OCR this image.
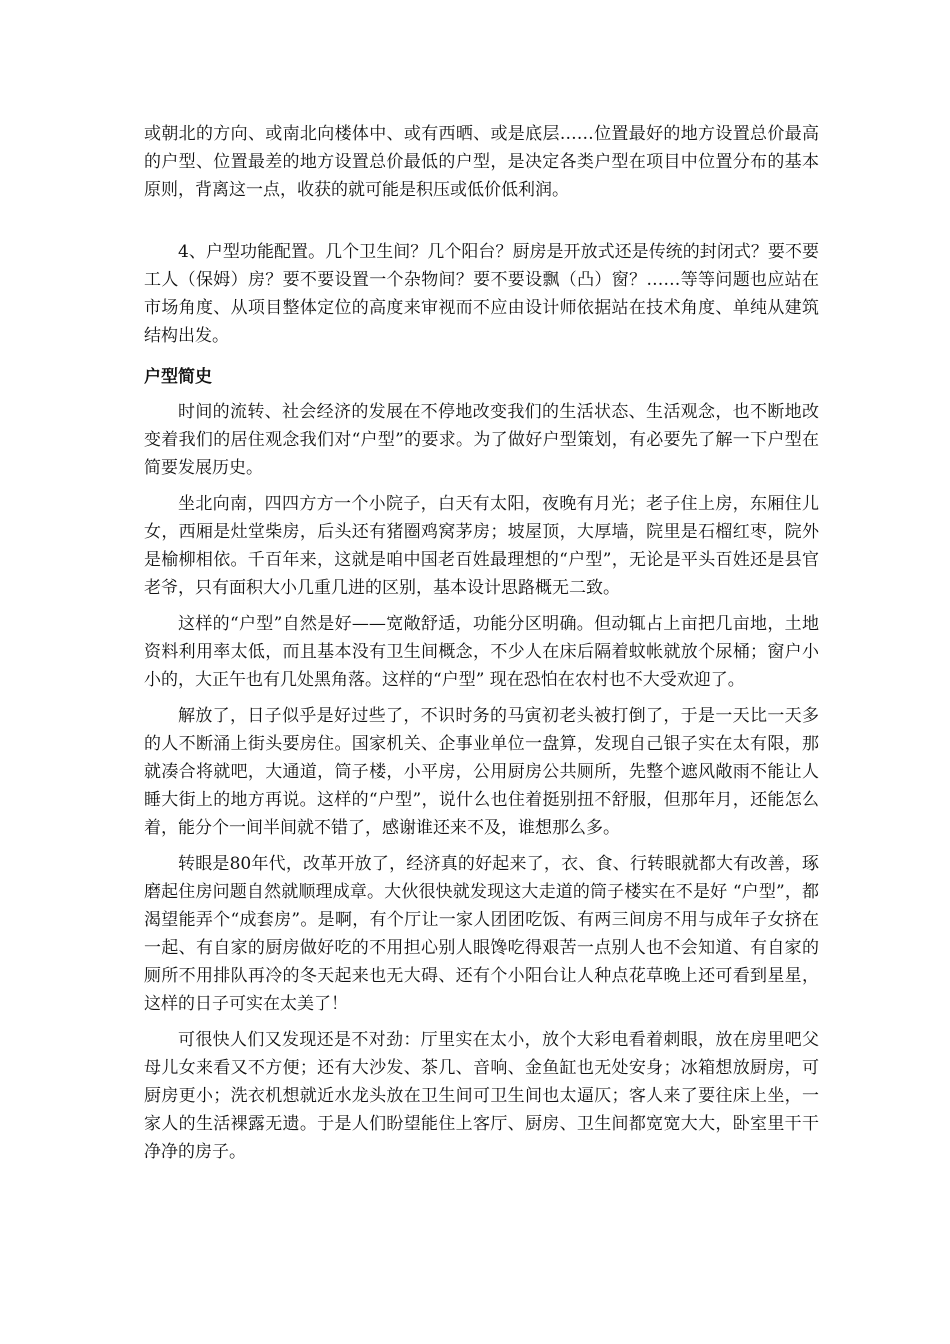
或朝北的方向、或南北向楼体中、或有西晒、或是底层……位置最好的地方设置总价最高的户型、位置最差的地方设置总价最低的户型，是决定各类户型在项目中位置分布的基本原则，背离这一点，收获的就可能是积压或低价低利润。

4、户型功能配置。几个卫生间？几个阳台？厨房是开放式还是传统的封闭式？要不要工人（保姆）房？要不要设置一个杂物间？要不要设飘（凸）窗？……等等问题也应站在市场角度、从项目整体定位的高度来审视而不应由设计师依据站在技术角度、单纯从建筑结构出发。

户型简史

时间的流转、社会经济的发展在不停地改变我们的生活状态、生活观念，也不断地改变着我们的居住观念我们对“户型”的要求。为了做好户型策划，有必要先了解一下户型在简要发展历史。

坐北向南，四四方方一个小院子，白天有太阳，夜晚有月光；老子住上房，东厢住儿女，西厢是灶堂柴房，后头还有猪圈鸡窝茅房；坡屋顶，大厚墙，院里是石榴红枣，院外是榆柳相依。千百年来，这就是咱中国老百姓最理想的“户型”，无论是平头百姓还是县官老爷，只有面积大小几重几进的区别，基本设计思路概无二致。

这样的“户型”自然是好——宽敞舒适，功能分区明确。但动辄占上亩把几亩地，土地资料利用率太低，而且基本没有卫生间概念，不少人在床后隔着蚊帐就放个尿桶；窗户小小的，大正午也有几处黑角落。这样的“户型” 现在恐怕在农村也不大受欢迎了。

解放了，日子似乎是好过些了，不识时务的马寅初老头被打倒了，于是一天比一天多的人不断涌上街头要房住。国家机关、企事业单位一盘算，发现自己银子实在太有限，那就凑合将就吧，大通道，筒子楼，小平房，公用厨房公共厕所，先整个遮风敞雨不能让人睡大街上的地方再说。这样的“户型”，说什么也住着挺别扭不舒服，但那年月，还能怎么着，能分个一间半间就不错了，感谢谁还来不及，谁想那么多。

转眼是80年代，改革开放了，经济真的好起来了，衣、食、行转眼就都大有改善，琢磨起住房问题自然就顺理成章。大伙很快就发现这大走道的筒子楼实在不是好 “户型”，都渴望能弄个“成套房”。是啊，有个厅让一家人团团吃饭、有两三间房不用与成年子女挤在一起、有自家的厨房做好吃的不用担心别人眼馋吃得艰苦一点别人也不会知道、有自家的厕所不用排队再冷的冬天起来也无大碍、还有个小阳台让人种点花草晚上还可看到星星，这样的日子可实在太美了！

可很快人们又发现还是不对劲：厅里实在太小，放个大彩电看着刺眼，放在房里吧父母儿女来看又不方便；还有大沙发、茶几、音响、金鱼缸也无处安身；冰箱想放厨房，可厨房更小；洗衣机想就近水龙头放在卫生间可卫生间也太逼仄；客人来了要往床上坐，一家人的生活裸露无遗。于是人们盼望能住上客厅、厨房、卫生间都宽宽大大，卧室里干干净净的房子。
